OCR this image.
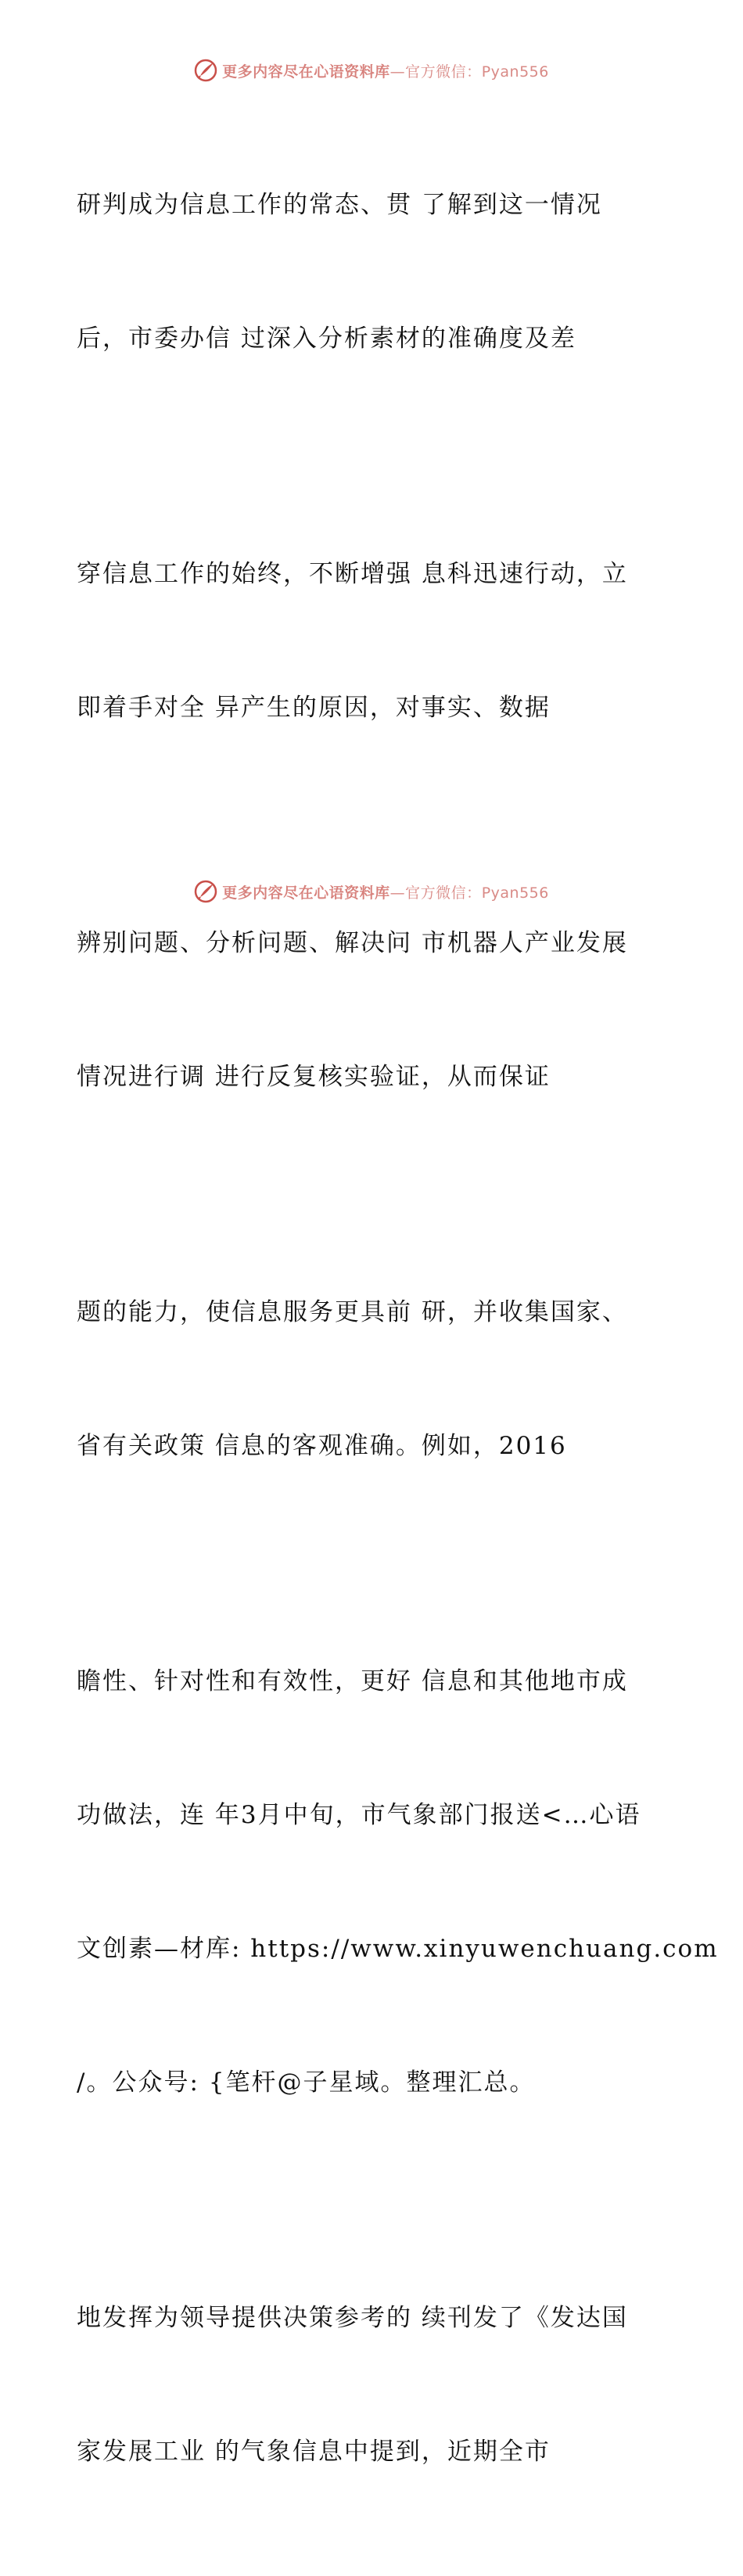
更多内容尽在心语资料库—官方微信：Pyan556

研判成为信息工作的常态、贯 了解到这一情况

后，市委办信 过深入分析素材的准确度及差

穿信息工作的始终，不断增强 息科迅速行动，立

即着手对全 异产生的原因，对事实、数据

辨别问题、分析问题、解决问 市机器人产业发展

情况进行调 进行反复核实验证，从而保证

题的能力，使信息服务更具前 研，并收集国家、

省有关政策 信息的客观准确。例如，2016

瞻性、针对性和有效性，更好 信息和其他地市成

功做法，连 年3月中旬，市气象部门报送<…心语

文创素—材库: https://www.xinyuwenchuang.com

/。公众号: {笔杆@子星域。整理汇总。

地发挥为领导提供决策参考的 续刊发了《发达国

家发展工业 的气象信息中提到，近期全市

更多内容尽在心语资料库—官方微信：Pyan556
